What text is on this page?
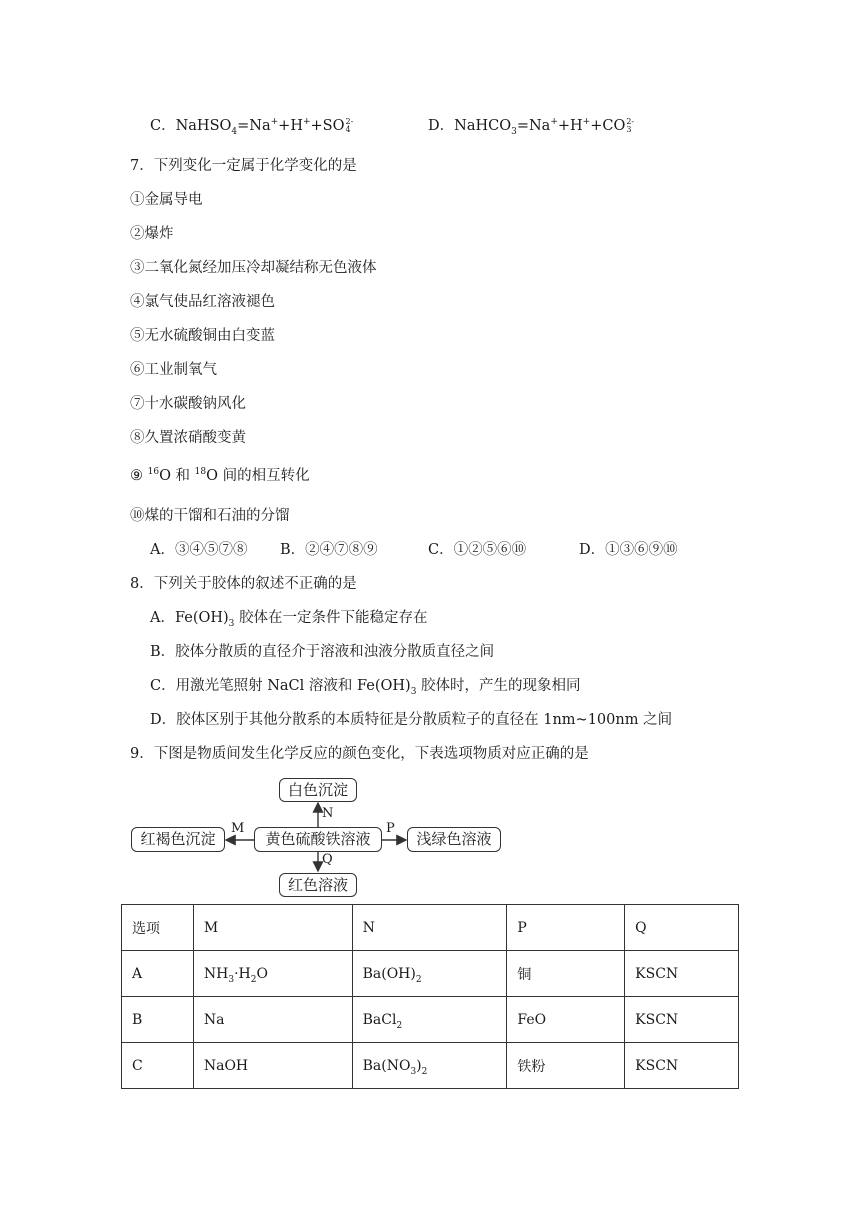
C．NaHSO$_4$=Na++H++SO 2-
4	D．NaHCO$_3$=Na++H++CO 2-
3
7．下列变化一定属于化学变化的是
①金属导电
②爆炸
③二氧化氮经加压冷却凝结称无色液体
④氯气使品红溶液褪色
⑤无水硫酸铜由白变蓝
⑥工业制氧气
⑦十水碳酸钠风化
⑧久置浓硝酸变黄
⑨ $^{16}$O 和 $^{18}$O 间的相互转化
⑩煤的干馏和石油的分馏
A．③④⑤⑦⑧ B．②④⑦⑧⑨	C．①②⑤⑥⑩	D．①③⑥⑨⑩
8．下列关于胶体的叙述不正确的是
A．$Fe(OH)_3$ 胶体在一定条件下能稳定存在
B．胶体分散质的直径介于溶液和浊液分散质直径之间
C．用激光笔照射 NaCl 溶液和 $Fe(OH)_3$ 胶体时，产生的现象相同
D．胶体区别于其他分散系的本质特征是分散质粒子的直径在 1nm~100nm 之间
9．下图是物质间发生化学反应的颜色变化，下表选项物质对应正确的是
白色沉淀
黄色硫酸铁溶液
红褐色沉淀	浅绿色溶液
红色溶液
N
M	P
Q
选项	M	N	P	Q
A	$NH_3\cdot H_2O$	$Ba(OH)_2$	铜	KSCN
B	Na	BaCl$_2$	FeO	KSCN
C	NaOH	$Ba(NO_3)_2$	铁粉	KSCN
